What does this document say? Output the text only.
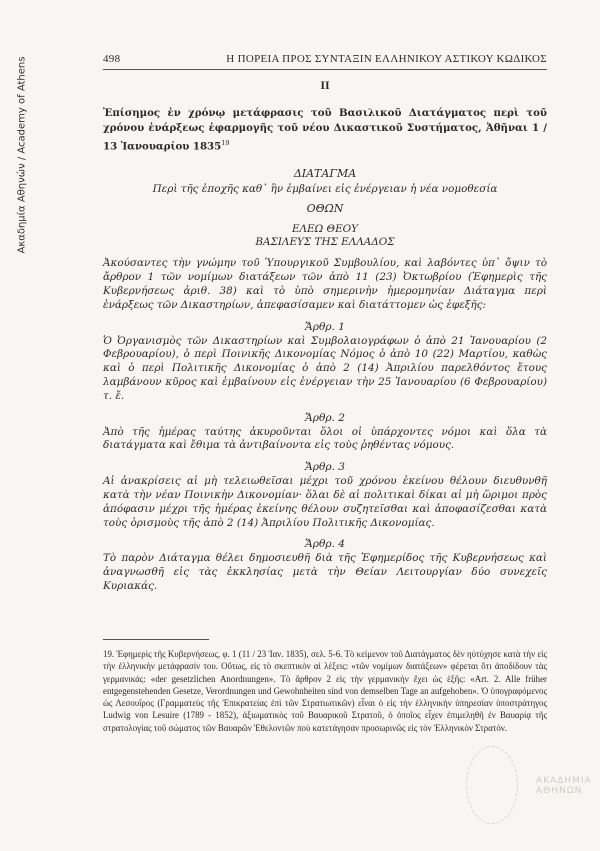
Ακαδημία Αθηνών / Academy of Athens	498	Η ΠΟΡΕΙΑ ΠΡΟΣ ΣΥΝΤΑΞΙΝ ΕΛΛΗΝΙΚΟΥ ΑΣΤΙΚΟΥ ΚΩΔΙΚΟΣ
II
Ἐπίσημος ἐν χρόνῳ μετάφρασις τοῦ Βασιλικοῦ Διατάγματος περὶ τοῦ χρόνου ἐνάρξεως ἐφαρμογῆς τοῦ νέου Δικαστικοῦ Συστήματος, Ἀθῆναι 1 / 13 Ἰανουαρίου 1835$^{19}$
ΔΙΑΤΑΓΜΑ
Περὶ τῆς ἐποχῆς καθ᾽ ἣν ἐμβαίνει εἰς ἐνέργειαν ἡ νέα νομοθεσία
ΟΘΩΝ
ΕΛΕΩ ΘΕΟΥ
ΒΑΣΙΛΕΥΣ ΤΗΣ ΕΛΛΑΔΟΣ
Ἀκούσαντες τὴν γνώμην τοῦ Ὑπουργικοῦ Συμβουλίου, καὶ λαβόντες ὑπ᾽ ὄψιν τὸ ἄρθρον 1 τῶν νομίμων διατάξεων τῶν ἀπὸ 11 (23) Ὀκτωβρίου (Ἐφημερὶς τῆς Κυβερνήσεως ἀριθ. 38) καὶ τὸ ὑπὸ σημερινὴν ἡμερομηνίαν Διάταγμα περὶ ἐνάρξεως τῶν Δικαστηρίων, ἀπεφασίσαμεν καὶ διατάττομεν ὡς ἑφεξῆς:
Ἄρθρ. 1
Ὁ Ὀργανισμὸς τῶν Δικαστηρίων καὶ Συμβολαιογράφων ὁ ἀπὸ 21 Ἰανουαρίου (2 Φεβρουαρίου), ὁ περὶ Ποινικῆς Δικονομίας Νόμος ὁ ἀπὸ 10 (22) Μαρτίου, καθὼς καὶ ὁ περὶ Πολιτικῆς Δικονομίας ὁ ἀπὸ 2 (14) Ἀπριλίου παρελθόντος ἔτους λαμβάνουν κῦρος καὶ ἐμβαίνουν εἰς ἐνέργειαν τὴν 25 Ἰανουαρίου (6 Φεβρουαρίου) τ. ἔ.
Ἄρθρ. 2
Ἀπὸ τῆς ἡμέρας ταύτης ἀκυροῦνται ὅλοι οἱ ὑπάρχοντες νόμοι καὶ ὅλα τὰ διατάγματα καὶ ἔθιμα τὰ ἀντιβαίνοντα εἰς τοὺς ῥηθέντας νόμους.
Ἄρθρ. 3
Αἱ ἀνακρίσεις αἱ μὴ τελειωθεῖσαι μέχρι τοῦ χρόνου ἐκείνου θέλουν διευθυνθῆ κατὰ τὴν νέαν Ποινικὴν Δικονομίαν· ὅλαι δὲ αἱ πολιτικαὶ δίκαι αἱ μὴ ὥριμοι πρὸς ἀπόφασιν μέχρι τῆς ἡμέρας ἐκείνης θέλουν συζητεῖσθαι καὶ ἀποφασίζεσθαι κατὰ τοὺς ὁρισμοὺς τῆς ἀπὸ 2 (14) Ἀπριλίου Πολιτικῆς Δικονομίας.
Ἄρθρ. 4
Τὸ παρὸν Διάταγμα θέλει δημοσιευθῆ διὰ τῆς Ἐφημερίδος τῆς Κυβερνήσεως καὶ ἀναγνωσθῆ εἰς τὰς ἐκκλησίας μετὰ τὴν Θείαν Λειτουργίαν δύο συνεχεῖς Κυριακάς.
19. Ἐφημερὶς τῆς Κυβερνήσεως, φ. 1 (11 / 23 Ἰαν. 1835), σελ. 5-6. Τὸ κείμενον τοῦ Διατάγματος δὲν ηὐτύχησε κατὰ τὴν εἰς τὴν ἑλληνικὴν μετάφρασίν του. Οὕτως, εἰς τὸ σκεπτικὸν αἱ λέξεις: «τῶν νομίμων διατάξεων» φέρεται ὅτι ἀποδίδουν τὰς γερμανικάς: «der gesetzlichen Anordnungen». Τὸ ἄρθρον 2 εἰς τὴν γερμανικὴν ἔχει ὡς ἑξῆς: «Art. 2. Alle früher entgegenstehenden Gesetze, Verordnungen und Gewohnheiten sind von demselben Tage an aufgehoben». Ὁ ὑπογραφόμενος ὡς Λεσουΐρος (Γραμματεὺς τῆς Ἐπικρατείας ἐπὶ τῶν Στρατιωτικῶν) εἶναι ὁ εἰς τὴν ἑλληνικὴν ὑπηρεσίαν ὑποστράτηγος Ludwig von Lesuire (1789 - 1852), ἀξιωματικὸς τοῦ Βαυαρικοῦ Στρατοῦ, ὁ ὁποῖος εἶχεν ἐπιμεληθῆ ἐν Βαυαρίᾳ τῆς στρατολογίας τοῦ σώματος τῶν Βαυαρῶν Ἐθελοντῶν ποὺ κατετάγησαν προσωρινῶς εἰς τὸν Ἑλληνικὸν Στρατόν.
ΑΚΑΔΗΜΙΑ ΑΘΗΝΩΝ
